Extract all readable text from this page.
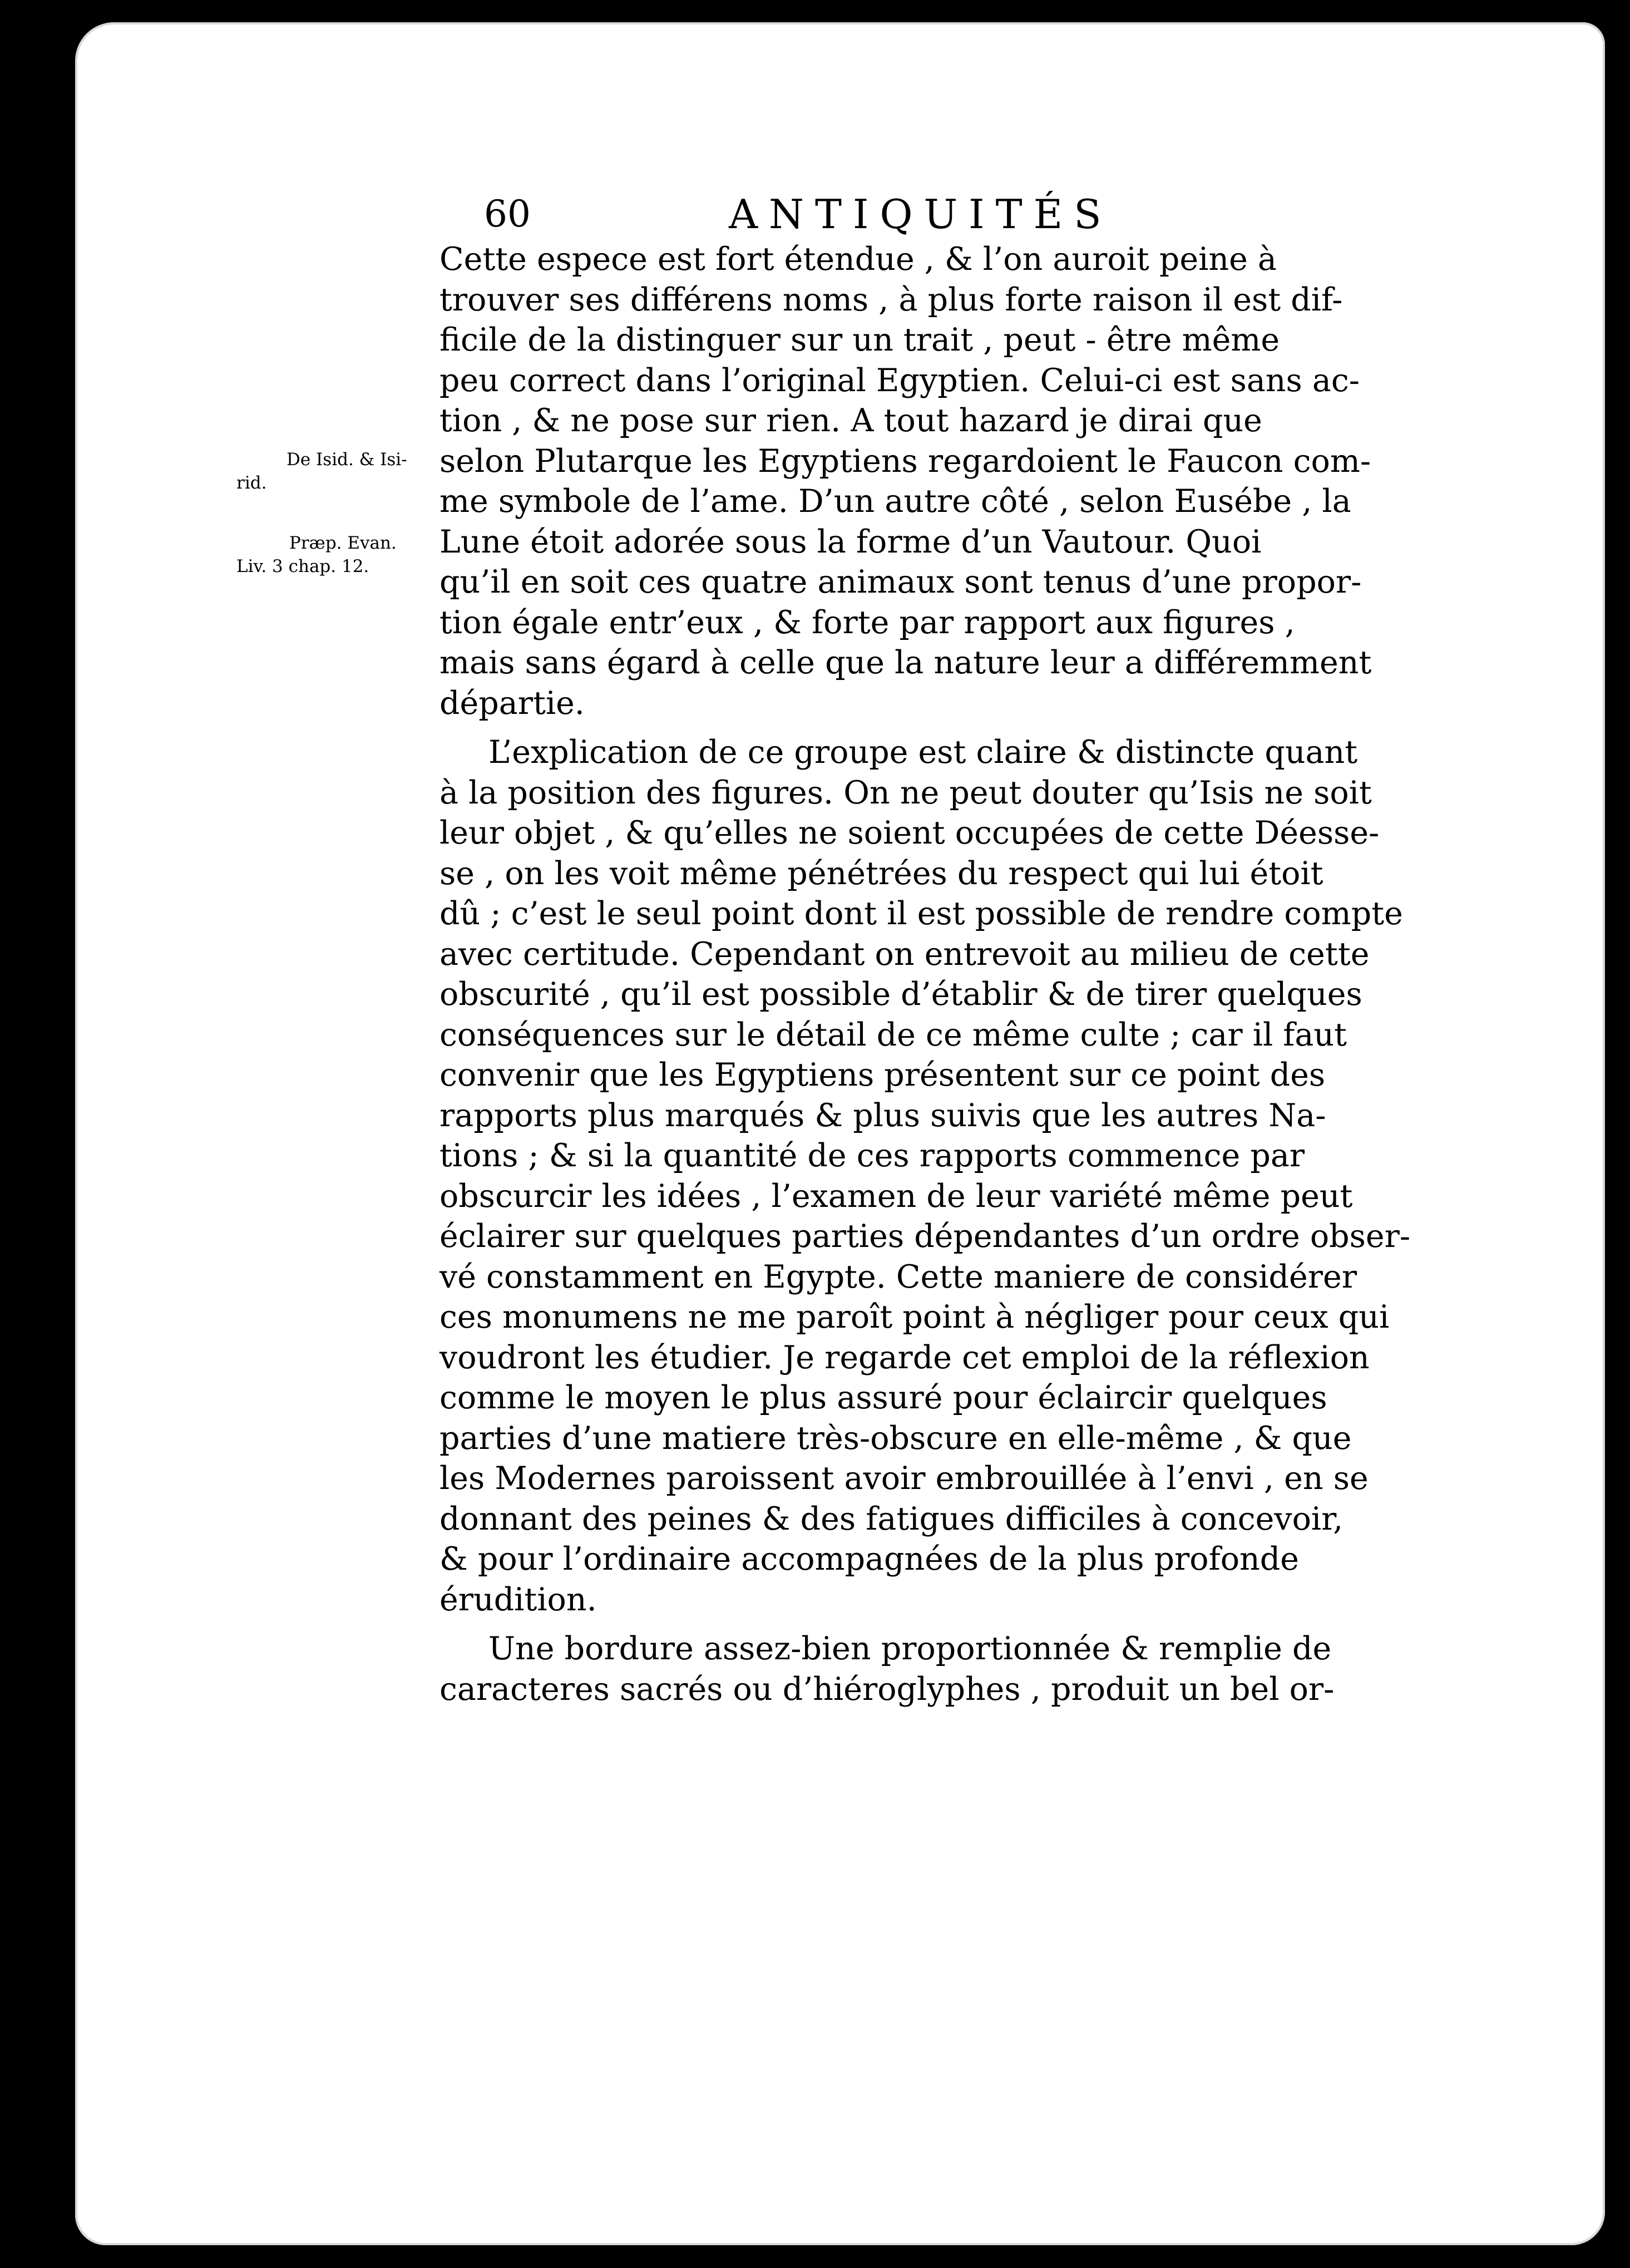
60	ANTIQUITÉS
De Isid. & Isi-
rid.
Præp. Evan.
Liv. 3 chap. 12.
Cette espece est fort étendue , & l’on auroit peine à
trouver ses différens noms , à plus forte raison il est dif-
ficile de la distinguer sur un trait , peut - être même
peu correct dans l’original Egyptien. Celui-ci est sans ac-
tion , & ne pose sur rien. A tout hazard je dirai que
selon Plutarque les Egyptiens regardoient le Faucon com-
me symbole de l’ame. D’un autre côté , selon Eusébe , la
Lune étoit adorée sous la forme d’un Vautour. Quoi
qu’il en soit ces quatre animaux sont tenus d’une propor-
tion égale entr’eux , & forte par rapport aux figures ,
mais sans égard à celle que la nature leur a différemment
départie.
L’explication de ce groupe est claire & distincte quant
à la position des figures. On ne peut douter qu’Isis ne soit
leur objet , & qu’elles ne soient occupées de cette Déesse-
se , on les voit même pénétrées du respect qui lui étoit
dû ; c’est le seul point dont il est possible de rendre compte
avec certitude. Cependant on entrevoit au milieu de cette
obscurité , qu’il est possible d’établir & de tirer quelques
conséquences sur le détail de ce même culte ; car il faut
convenir que les Egyptiens présentent sur ce point des
rapports plus marqués & plus suivis que les autres Na-
tions ; & si la quantité de ces rapports commence par
obscurcir les idées , l’examen de leur variété même peut
éclairer sur quelques parties dépendantes d’un ordre obser-
vé constamment en Egypte. Cette maniere de considérer
ces monumens ne me paroît point à négliger pour ceux qui
voudront les étudier. Je regarde cet emploi de la réflexion
comme le moyen le plus assuré pour éclaircir quelques
parties d’une matiere très-obscure en elle-même , & que
les Modernes paroissent avoir embrouillée à l’envi , en se
donnant des peines & des fatigues difficiles à concevoir,
& pour l’ordinaire accompagnées de la plus profonde
érudition.
Une bordure assez-bien proportionnée & remplie de
caracteres sacrés ou d’hiéroglyphes , produit un bel or-
